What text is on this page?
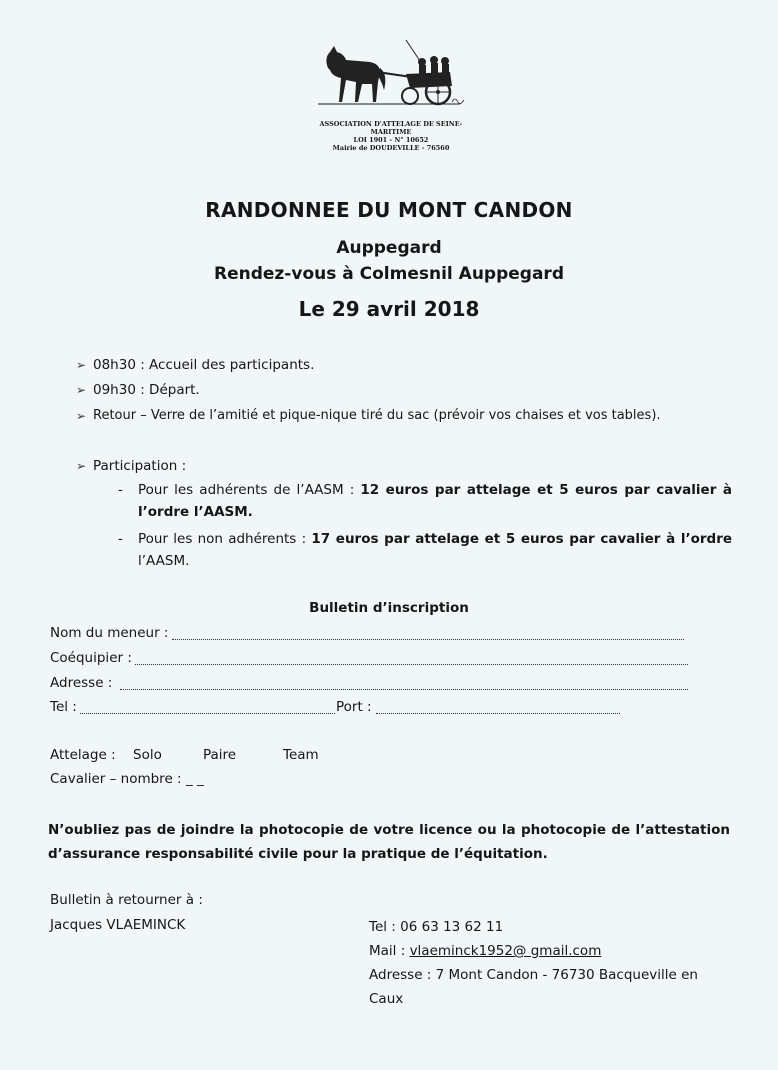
ASSOCIATION D'ATTELAGE DE SEINE-MARITIME
LOI 1901 - N° 10652
Mairie de DOUDEVILLE - 76560
RANDONNEE DU MONT CANDON
Auppegard
Rendez-vous à Colmesnil Auppegard
Le 29 avril 2018
➢ 08h30 : Accueil des participants.
➢ 09h30 : Départ.
➢ Retour – Verre de l’amitié et pique-nique tiré du sac (prévoir vos chaises et vos tables).
➢ Participation :
- Pour les adhérents de l’AASM : 12 euros par attelage et 5 euros par cavalier à
l’ordre l’AASM.
- Pour les non adhérents : 17 euros par attelage et 5 euros par cavalier à l’ordre
l’AASM.
Bulletin d’inscription
Nom du meneur :
Coéquipier :
Adresse :
Tel :	Port :
Attelage : Solo	Paire	Team
Cavalier – nombre : _ _
N’oubliez pas de joindre la photocopie de votre licence ou la photocopie de l’attestation
d’assurance responsabilité civile pour la pratique de l’équitation.
Bulletin à retourner à :
Jacques VLAEMINCK	Tel : 06 63 13 62 11
Mail : vlaeminck1952@ gmail.com
Adresse : 7 Mont Candon - 76730 Bacqueville en
Caux
